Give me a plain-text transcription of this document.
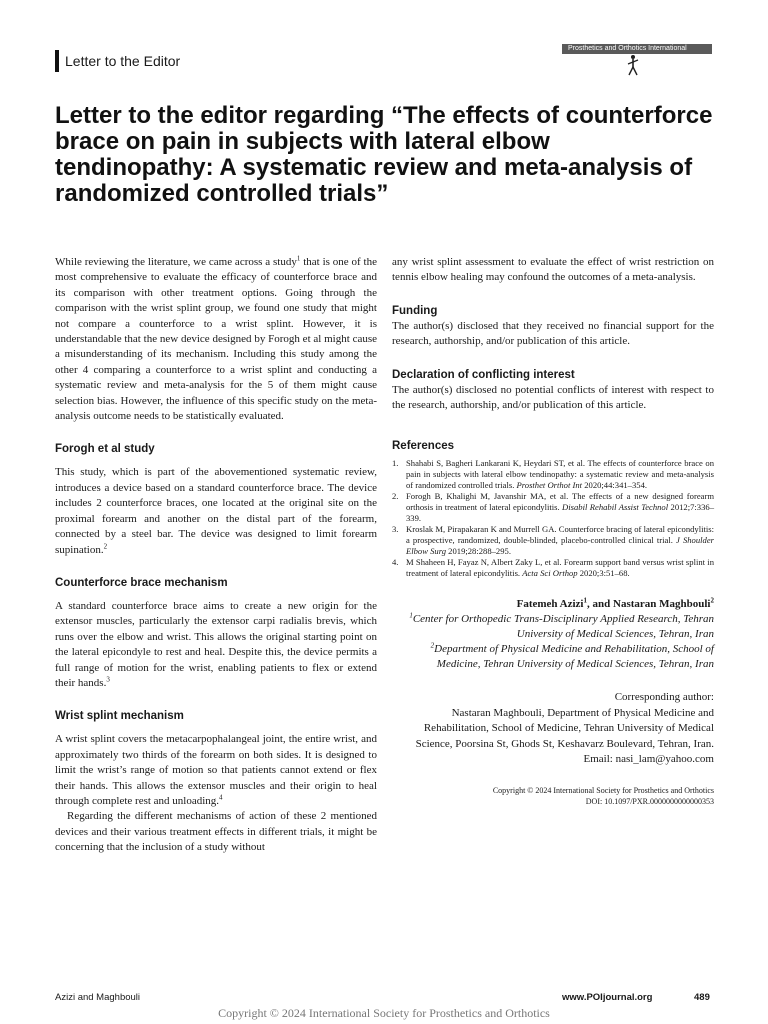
Letter to the Editor
Prosthetics and Orthotics International
Letter to the editor regarding “The effects of counterforce brace on pain in subjects with lateral elbow tendinopathy: A systematic review and meta-analysis of randomized controlled trials”

While reviewing the literature, we came across a study$^1$ that is one of the most comprehensive to evaluate the efficacy of counterforce brace and its comparison with other treatment options. Going through the comparison with the wrist splint group, we found one study that might not compare a counterforce to a wrist splint. However, it is understandable that the new device designed by Forogh et al might cause a misunderstanding of its mechanism. Including this study among the other 4 comparing a counterforce to a wrist splint and conducting a systematic review and meta-analysis for the 5 of them might cause selection bias. However, the influence of this specific study on the meta-analysis outcome needs to be statistically evaluated.

Forogh et al study

This study, which is part of the abovementioned systematic review, introduces a device based on a standard counterforce brace. The device includes 2 counterforce braces, one located at the original site on the proximal forearm and another on the distal part of the forearm, connected by a steel bar. The device was designed to limit forearm supination.$^2$

Counterforce brace mechanism

A standard counterforce brace aims to create a new origin for the extensor muscles, particularly the extensor carpi radialis brevis, which runs over the elbow and wrist. This allows the original starting point on the lateral epicondyle to rest and heal. Despite this, the device permits a full range of motion for the wrist, enabling patients to flex or extend their hands.$^3$

Wrist splint mechanism

A wrist splint covers the metacarpophalangeal joint, the entire wrist, and approximately two thirds of the forearm on both sides. It is designed to limit the wrist’s range of motion so that patients cannot extend or flex their hands. This allows the extensor muscles and their origin to heal through complete rest and unloading.$^4$

Regarding the different mechanisms of action of these 2 mentioned devices and their various treatment effects in different trials, it might be concerning that the inclusion of a study without

any wrist splint assessment to evaluate the effect of wrist restriction on tennis elbow healing may confound the outcomes of a meta-analysis.

Funding

The author(s) disclosed that they received no financial support for the research, authorship, and/or publication of this article.

Declaration of conflicting interest

The author(s) disclosed no potential conflicts of interest with respect to the research, authorship, and/or publication of this article.

References
1. Shahabi S, Bagheri Lankarani K, Heydari ST, et al. The effects of counterforce brace on pain in subjects with lateral elbow tendinopathy: a systematic review and meta-analysis of randomized controlled trials. Prosthet Orthot Int 2020;44:341–354.
2. Forogh B, Khalighi M, Javanshir MA, et al. The effects of a new designed forearm orthosis in treatment of lateral epicondylitis. Disabil Rehabil Assist Technol 2012;7:336–339.
3. Kroslak M, Pirapakaran K and Murrell GA. Counterforce bracing of lateral epicondylitis: a prospective, randomized, double-blinded, placebo-controlled clinical trial. J Shoulder Elbow Surg 2019;28:288–295.
4. M Shaheen H, Fayaz N, Albert Zaky L, et al. Forearm support band versus wrist splint in treatment of lateral epicondylitis. Acta Sci Orthop 2020;3:51–68.
Fatemeh Azizi$^1$, and Nastaran Maghbouli$^2$
$^1$Center for Orthopedic Trans-Disciplinary Applied Research, Tehran University of Medical Sciences, Tehran, Iran
$^2$Department of Physical Medicine and Rehabilitation, School of Medicine, Tehran University of Medical Sciences, Tehran, Iran
Corresponding author:
Nastaran Maghbouli, Department of Physical Medicine and Rehabilitation, School of Medicine, Tehran University of Medical Science, Poorsina St, Ghods St, Keshavarz Boulevard, Tehran, Iran.
Email: nasi_lam@yahoo.com
Copyright © 2024 International Society for Prosthetics and Orthotics
DOI: 10.1097/PXR.0000000000000353
Azizi and Maghbouli	www.POIjournal.org	489
Copyright © 2024 International Society for Prosthetics and Orthotics
